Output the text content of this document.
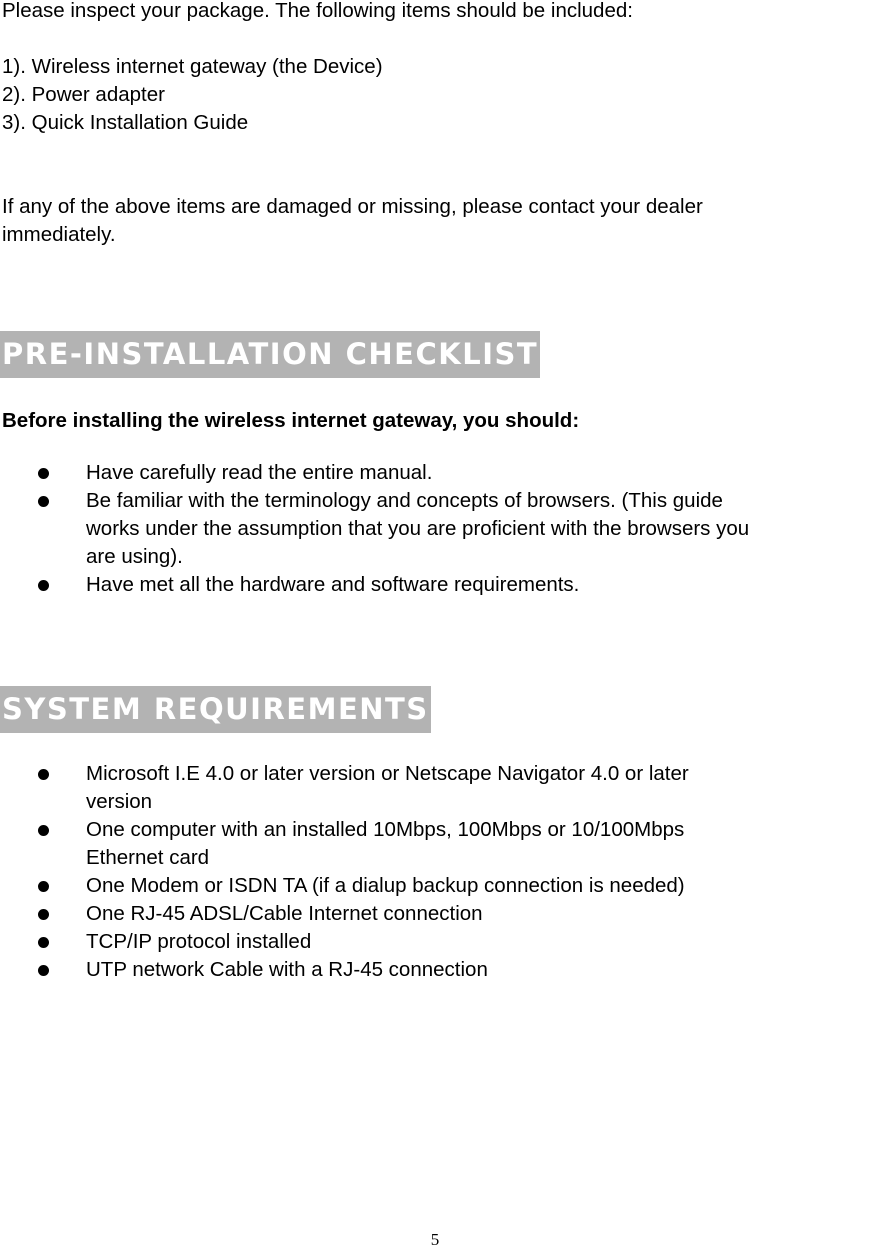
Please inspect your package. The following items should be included:

1). Wireless internet gateway (the Device)
2). Power adapter
3). Quick Installation Guide

If any of the above items are damaged or missing, please contact your dealer

immediately.

PRE-INSTALLATION CHECKLIST
Before installing the wireless internet gateway, you should:
Have carefully read the entire manual.
Be familiar with the terminology and concepts of browsers. (This guide
works under the assumption that you are proficient with the browsers you
are using).
Have met all the hardware and software requirements.
SYSTEM REQUIREMENTS
Microsoft I.E 4.0 or later version or Netscape Navigator 4.0 or later
version
One computer with an installed 10Mbps, 100Mbps or 10/100Mbps
Ethernet card
One Modem or ISDN TA (if a dialup backup connection is needed)
One RJ-45 ADSL/Cable Internet connection
TCP/IP protocol installed
UTP network Cable with a RJ-45 connection
5
